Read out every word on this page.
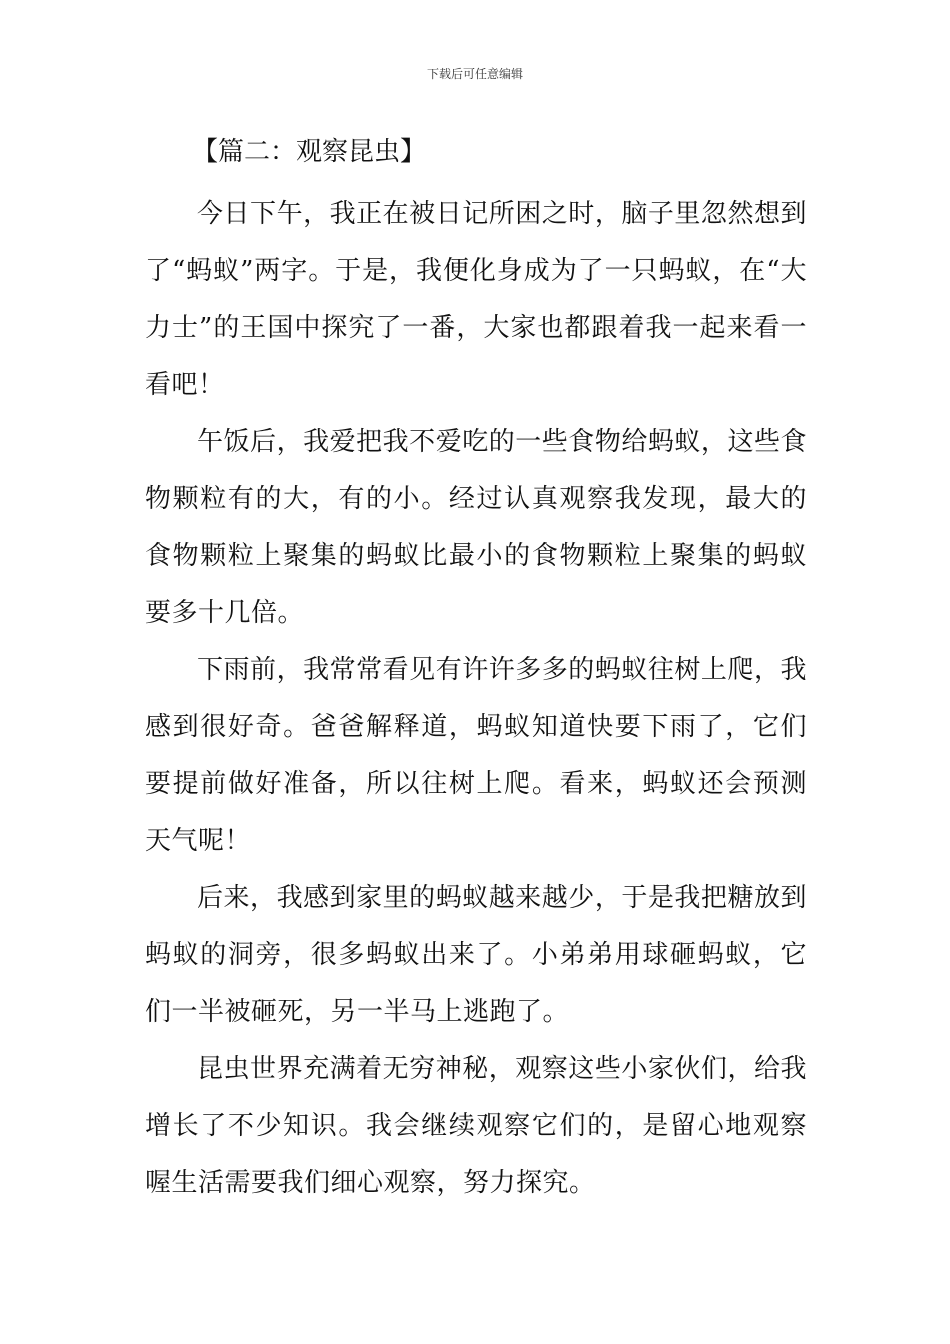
下载后可任意编辑

【篇二：观察昆虫】

今日下午，我正在被日记所困之时，脑子里忽然想到了“蚂蚁”两字。于是，我便化身成为了一只蚂蚁，在“大力士”的王国中探究了一番，大家也都跟着我一起来看一看吧！

午饭后，我爱把我不爱吃的一些食物给蚂蚁，这些食物颗粒有的大，有的小。经过认真观察我发现，最大的食物颗粒上聚集的蚂蚁比最小的食物颗粒上聚集的蚂蚁要多十几倍。

下雨前，我常常看见有许许多多的蚂蚁往树上爬，我感到很好奇。爸爸解释道，蚂蚁知道快要下雨了，它们要提前做好准备，所以往树上爬。看来，蚂蚁还会预测天气呢！

后来，我感到家里的蚂蚁越来越少，于是我把糖放到蚂蚁的洞旁，很多蚂蚁出来了。小弟弟用球砸蚂蚁，它们一半被砸死，另一半马上逃跑了。

昆虫世界充满着无穷神秘，观察这些小家伙们，给我增长了不少知识。我会继续观察它们的，是留心地观察喔生活需要我们细心观察，努力探究。
